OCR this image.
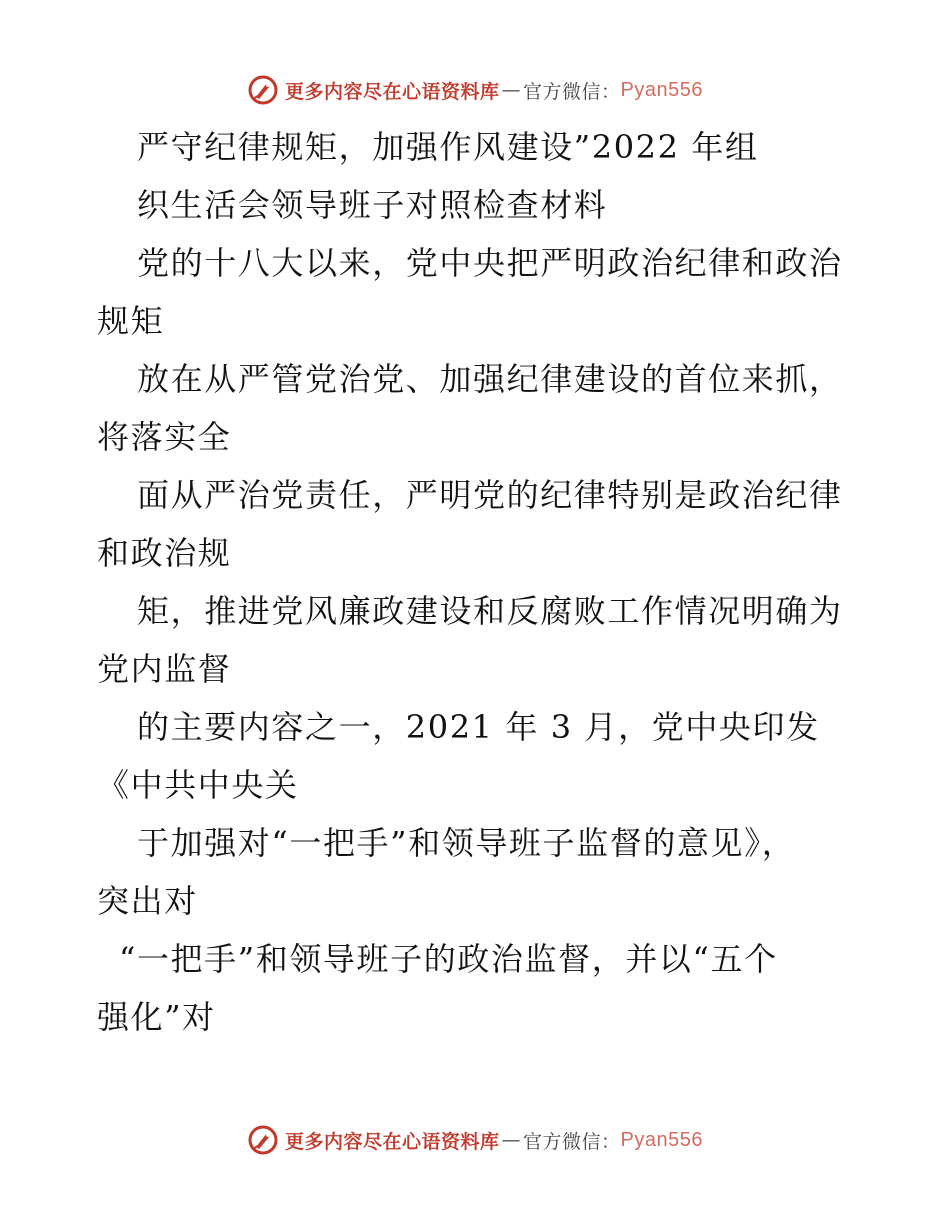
更多内容尽在心语资料库 — 官方微信： Pyan556
严守纪律规矩，加强作风建设”2022 年组
织生活会领导班子对照检查材料
党的十八大以来，党中央把严明政治纪律和政治
规矩
放在从严管党治党、加强纪律建设的首位来抓，
将落实全
面从严治党责任，严明党的纪律特别是政治纪律
和政治规
矩，推进党风廉政建设和反腐败工作情况明确为
党内监督
的主要内容之一，2021 年 3 月，党中央印发
《中共中央关
于加强对“一把手”和领导班子监督的意见》，
突出对
“一把手”和领导班子的政治监督，并以“五个
强化”对
更多内容尽在心语资料库 — 官方微信： Pyan556
